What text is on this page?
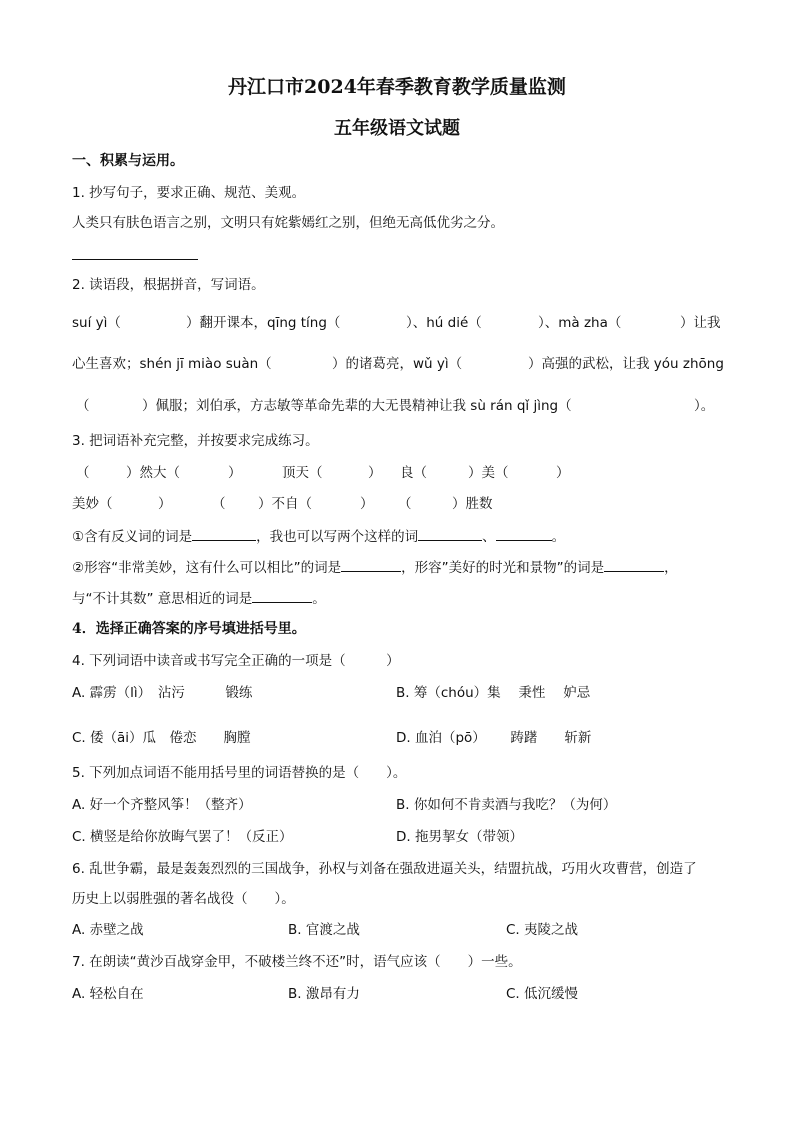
丹江口市2024年春季教育教学质量监测
五年级语文试题
一、积累与运用。
1. 抄写句子，要求正确、规范、美观。
人类只有肤色语言之别，文明只有姹紫嫣红之别，但绝无高低优劣之分。
2. 读语段，根据拼音，写词语。
suí yì（	）翻开课本，qīng tíng（	）、hú dié（	）、mà zha（	）让我
心生喜欢；shén jī miào suàn（	）的诸葛亮，wǔ yì（	）高强的武松，让我 yóu zhōng
（	）佩服；刘伯承，方志敏等革命先辈的大无畏精神让我 sù rán qǐ jìng（	）。
3. 把词语补充完整，并按要求完成练习。
（	）然大（	）	顶天（	） 良（	）美（	）
美妙（	）	（ ）不自（	） （	）胜数
①含有反义词的词是	，我也可以写两个这样的词	、	。
②形容“非常美妙，这有什么可以相比”的词是	，形容”美好的时光和景物”的词是	，
与“不计其数” 意思相近的词是	。
4．选择正确答案的序号填进括号里。
4. 下列词语中读音或书写完全正确的一项是（　　　）
A. 霹雳（lì）　沾污　　　锻练	B. 筹（chóu）集　 秉性　 妒忌
C. 倭（āi）瓜　倦恋　　胸膛	D. 血泊（pō）　　 踌躇　　斩新
5. 下列加点词语不能用括号里的词语替换的是（　　）。
A. 好一个齐整风筝！（整齐）	B. 你如何不肯卖酒与我吃？（为何）
C. 横竖是给你放晦气罢了！（反正）	D. 拖男挈女（带领）
6. 乱世争霸，最是轰轰烈烈的三国战争，孙权与刘备在强敌进逼关头，结盟抗战，巧用火攻曹营，创造了
历史上以弱胜强的著名战役（　　）。
A. 赤壁之战	B. 官渡之战	C. 夷陵之战
7. 在朗读“黄沙百战穿金甲，不破楼兰终不还”时，语气应该（　　）一些。
A. 轻松自在	B. 激昂有力	C. 低沉缓慢
